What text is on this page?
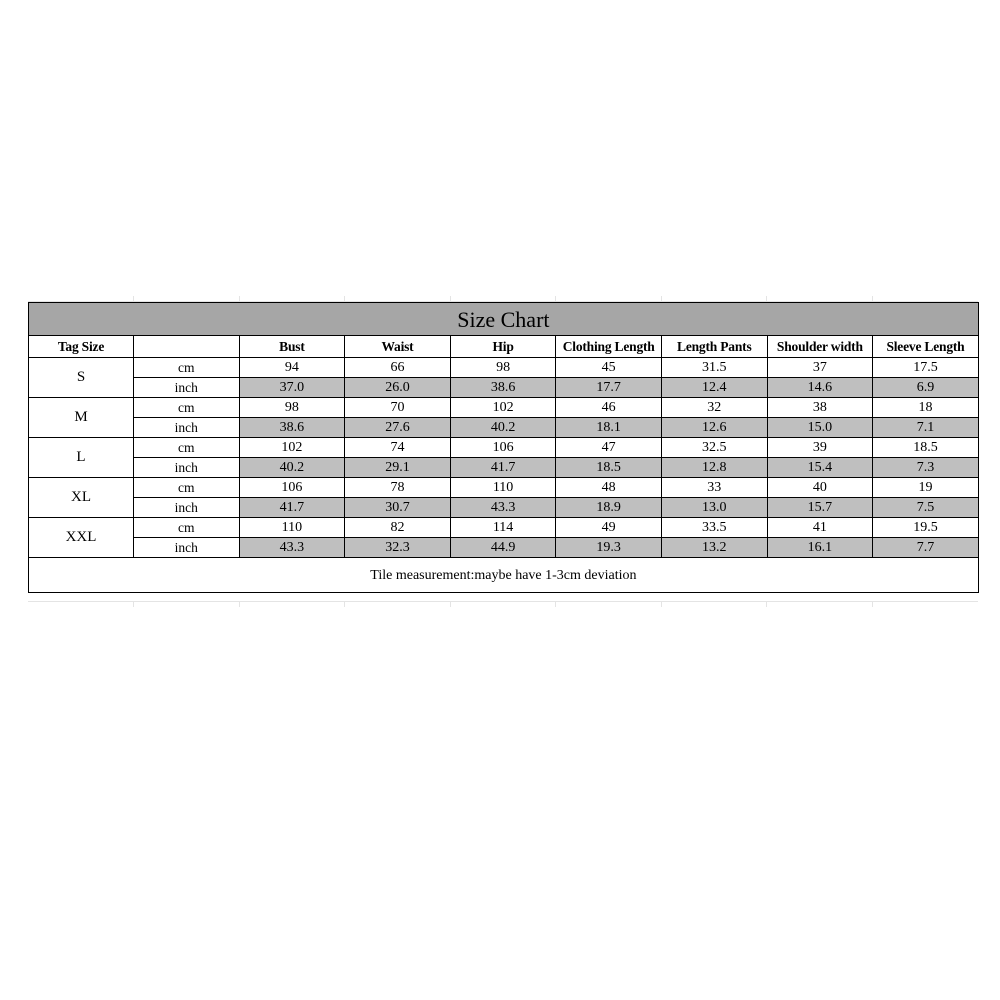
Size Chart								
Tag Size		Bust	Waist	Hip	Clothing Length	Length Pants	Shoulder width	Sleeve Length
S	cm	94	66	98	45	31.5	37	17.5
	inch	37.0	26.0	38.6	17.7	12.4	14.6	6.9
M	cm	98	70	102	46	32	38	18
	inch	38.6	27.6	40.2	18.1	12.6	15.0	7.1
L	cm	102	74	106	47	32.5	39	18.5
	inch	40.2	29.1	41.7	18.5	12.8	15.4	7.3
XL	cm	106	78	110	48	33	40	19
	inch	41.7	30.7	43.3	18.9	13.0	15.7	7.5
XXL	cm	110	82	114	49	33.5	41	19.5
	inch	43.3	32.3	44.9	19.3	13.2	16.1	7.7
Tile measurement:maybe have 1-3cm deviation								
